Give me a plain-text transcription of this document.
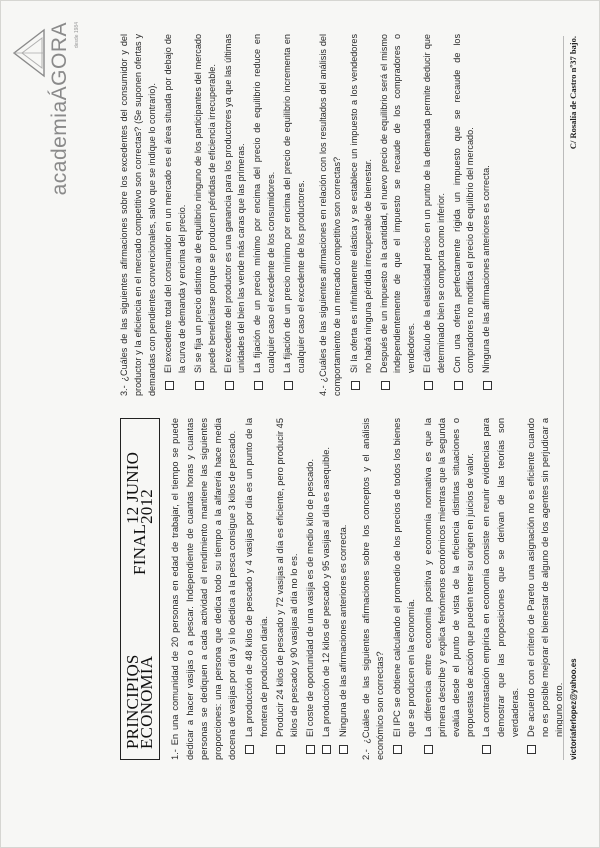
academiaÁGORA desde 1984
PRINCIPIOS ECONOMÍA
FINAL
12 JUNIO 2012 1.- En una comunidad de 20 personas en edad de trabajar, el tiempo se puede dedicar a hacer vasijas o a pescar. Independiente de cuantas horas y cuantas personas se dediquen a cada actividad el rendimiento mantiene las siguientes proporciones: una persona que dedica todo su tiempo a la alfarería hace media docena de vasijas por día y si lo dedica a la pesca consigue 3 kilos de pescado. La producción de 48 kilos de pescado y 4 vasijas por día es un punto de la frontera de producción diaria. Producir 24 kilos de pescado y 72 vasijas al día es eficiente, pero producir 45 kilos de pescado y 90 vasijas al día no lo es. El coste de oportunidad de una vasija es de medio kilo de pescado. La producción de 12 kilos de pescado y 95 vasijas al día es asequible. Ninguna de las afirmaciones anteriores es correcta. 2.- ¿Cuáles de las siguientes afirmaciones sobre los conceptos y el análisis económico son correctas? El IPC se obtiene calculando el promedio de los precios de todos los bienes que se producen en la economía. La diferencia entre economía positiva y economía normativa es que la primera describe y explica fenómenos económicos mientras que la segunda evalúa desde el punto de vista de la eficiencia distintas situaciones o propuestas de acción que pueden tener su origen en juicios de valor. La contrastación empírica en economía consiste en reunir evidencias para demostrar que las proposiciones que se derivan de las teorías son verdaderas. De acuerdo con el criterio de Pareto una asignación no es eficiente cuando no es posible mejorar el bienestar de alguno de los agentes sin perjudicar a ninguno otro.

3.- ¿Cuáles de las siguientes afirmaciones sobre los excedentes del consumidor y del productor y la eficiencia en el mercado competitivo son correctas? (Se suponen ofertas y demandas con pendientes convencionales, salvo que se indique lo contrario). El excedente total del consumidor en un mercado es el área situada por debajo de la curva de demanda y encima del precio. Si se fija un precio distinto al de equilibrio ninguno de los participantes del mercado puede beneficiarse porque se producen pérdidas de eficiencia irrecuperable. El excedente del productor es una ganancia para los productores ya que las últimas unidades del bien las vende más caras que las primeras. La fijación de un precio mínimo por encima del precio de equilibrio reduce en cualquier caso el excedente de los consumidores. La fijación de un precio mínimo por encima del precio de equilibrio incrementa en cualquier caso el excedente de los productores.	4.- ¿Cuáles de las siguientes afirmaciones en relación con los resultados del análisis del comportamiento de un mercado competitivo son correctas? Si la oferta es infinitamente elástica y se establece un impuesto a los vendedores no habrá ninguna pérdida irrecuperable de bienestar. Después de un impuesto a la cantidad, el nuevo precio de equilibrio será el mismo independientemente de que el impuesto se recaude de los compradores o vendedores. El cálculo de la elasticidad precio en un punto de la demanda permite deducir que determinado bien se comporta como inferior. Con una oferta perfectamente rígida un impuesto que se recaude de los compradores no modifica el precio de equilibrio del mercado. Ninguna de las afirmaciones anteriores es correcta.
victoriaferlopez@yahoo.es
C/ Rosalía de Castro nº37 bajo.
